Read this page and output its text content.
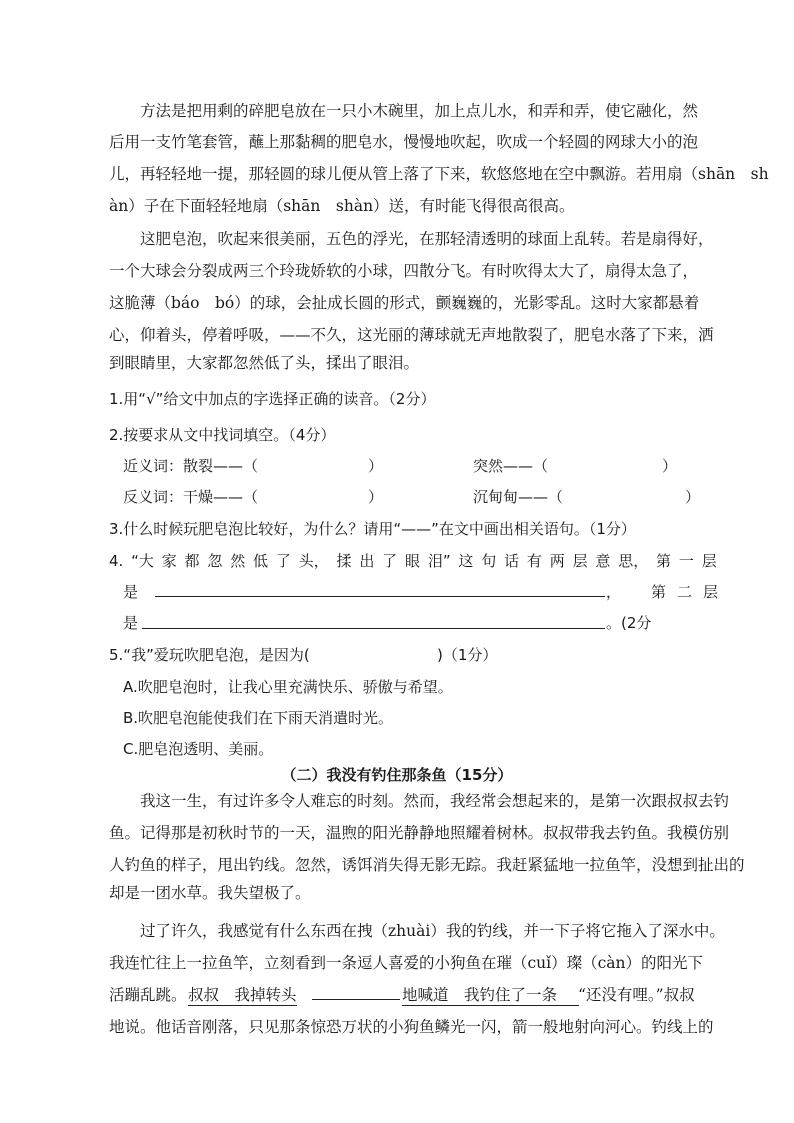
方法是把用剩的碎肥皂放在一只小木碗里，加上点儿水，和弄和弄，使它融化，然
后用一支竹笔套管，蘸上那黏稠的肥皂水，慢慢地吹起，吹成一个轻圆的网球大小的泡
儿，再轻轻地一提，那轻圆的球儿便从管上落了下来，软悠悠地在空中飘游。若用扇（shān　sh
àn）子在下面轻轻地扇（shān　shàn）送，有时能飞得很高很高。
这肥皂泡，吹起来很美丽，五色的浮光，在那轻清透明的球面上乱转。若是扇得好，
一个大球会分裂成两三个玲珑娇软的小球，四散分飞。有时吹得太大了，扇得太急了，
这脆薄（báo　bó）的球，会扯成长圆的形式，颤巍巍的，光影零乱。这时大家都悬着
心，仰着头，停着呼吸，——不久，这光丽的薄球就无声地散裂了，肥皂水落了下来，洒
到眼睛里，大家都忽然低了头，揉出了眼泪。
1.用“√”给文中加点的字选择正确的读音。（2分）
2.按要求从文中找词填空。（4分）
近义词：散裂——（	）	突然——（	）
反义词：干燥——（	）	沉甸甸——（	）
3.什么时候玩肥皂泡比较好，为什么？请用“——”在文中画出相关语句。（1分）
4. “大 家 都 忽 然 低 了 头， 揉 出 了 眼 泪” 这 句 话 有 两 层 意 思， 第 一 层
是	， 第 二 层
是	。(2分
5.“我”爱玩吹肥皂泡，是因为(	)（1分）
A.吹肥皂泡时，让我心里充满快乐、骄傲与希望。
B.吹肥皂泡能使我们在下雨天消遣时光。
C.肥皂泡透明、美丽。
（二）我没有钓住那条鱼（15分）
我这一生，有过许多令人难忘的时刻。然而，我经常会想起来的，是第一次跟叔叔去钓
鱼。记得那是初秋时节的一天，温煦的阳光静静地照耀着树林。叔叔带我去钓鱼。我模仿别
人钓鱼的样子，甩出钓线。忽然，诱饵消失得无影无踪。我赶紧猛地一拉鱼竿，没想到扯出的
却是一团水草。我失望极了。
过了许久，我感觉有什么东西在拽（zhuài）我的钓线，并一下子将它拖入了深水中。
我连忙往上一拉鱼竿，立刻看到一条逗人喜爱的小狗鱼在璀（cuǐ）璨（càn）的阳光下
活蹦乱跳。 叔叔　我掉转头	地喊道　我钓住了一条	“还没有哩。”叔叔
地说。他话音刚落，只见那条惊恐万状的小狗鱼鳞光一闪，箭一般地射向河心。钓线上的
